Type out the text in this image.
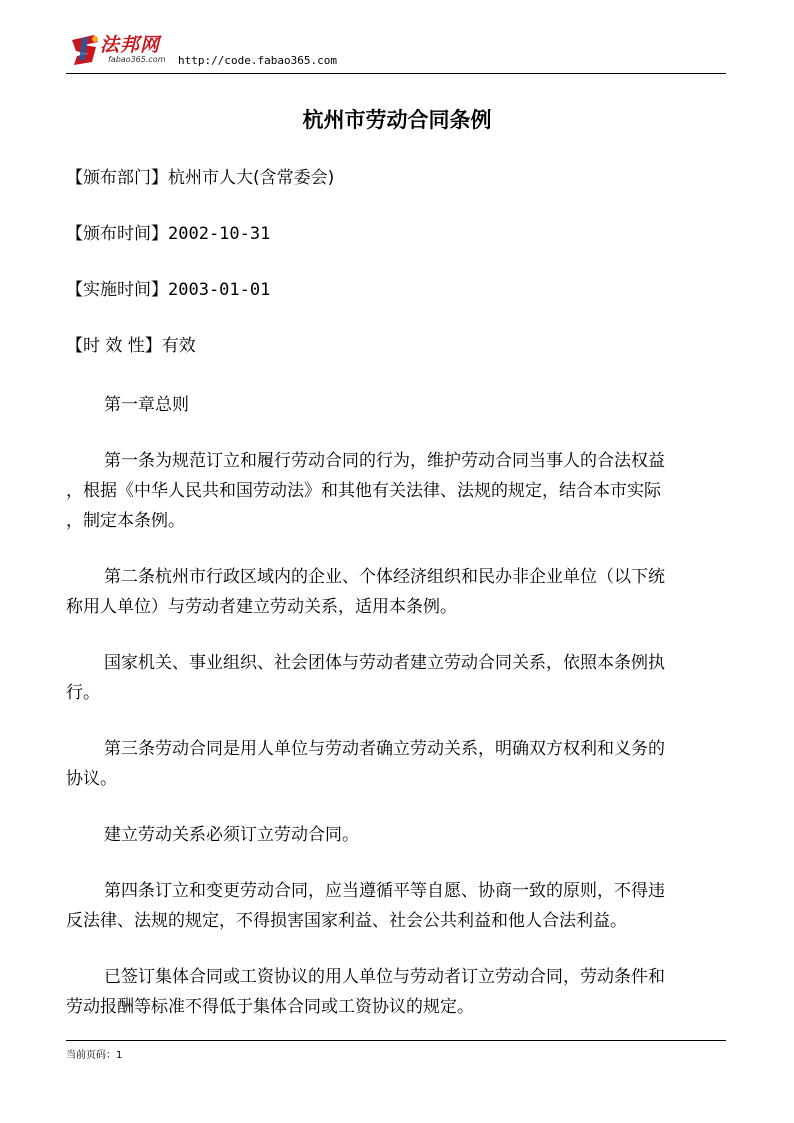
法邦网
fabao365.com http://code.fabao365.com
杭州市劳动合同条例
【颁布部门】杭州市人大(含常委会)
【颁布时间】2002-10-31
【实施时间】2003-01-01
【时 效 性】有效
第一章总则
第一条为规范订立和履行劳动合同的行为，维护劳动合同当事人的合法权益
，根据《中华人民共和国劳动法》和其他有关法律、法规的规定，结合本市实际
，制定本条例。
第二条杭州市行政区域内的企业、个体经济组织和民办非企业单位（以下统
称用人单位）与劳动者建立劳动关系，适用本条例。
国家机关、事业组织、社会团体与劳动者建立劳动合同关系，依照本条例执
行。
第三条劳动合同是用人单位与劳动者确立劳动关系，明确双方权利和义务的
协议。
建立劳动关系必须订立劳动合同。
第四条订立和变更劳动合同，应当遵循平等自愿、协商一致的原则，不得违
反法律、法规的规定，不得损害国家利益、社会公共利益和他人合法利益。
已签订集体合同或工资协议的用人单位与劳动者订立劳动合同，劳动条件和
劳动报酬等标准不得低于集体合同或工资协议的规定。
当前页码：1
